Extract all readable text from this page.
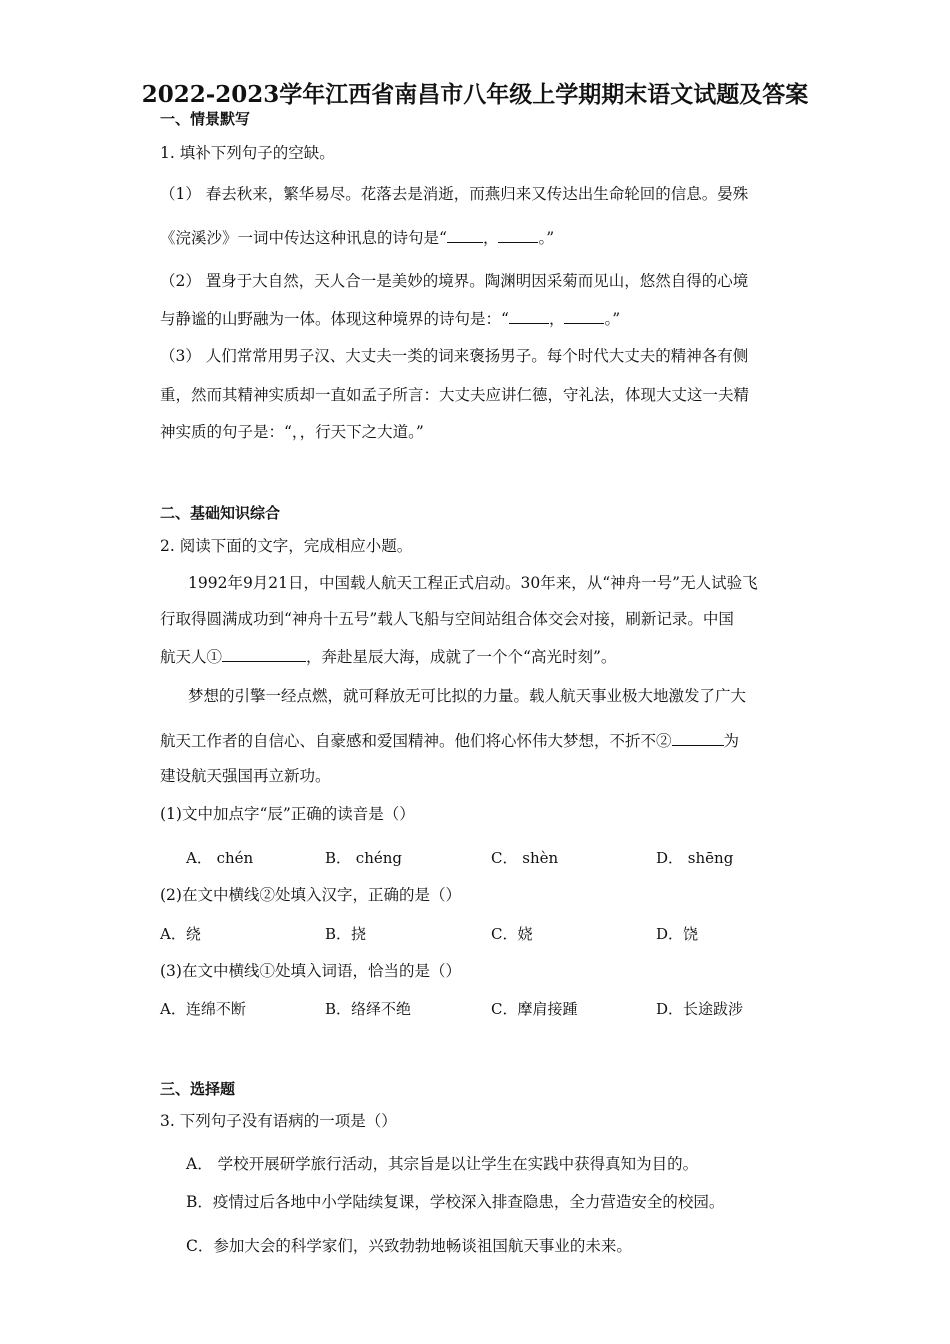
2022-2023学年江西省南昌市八年级上学期期末语文试题及答案
一、情景默写
1. 填补下列句子的空缺。
（1） 春去秋来，繁华易尽。花落去是消逝，而燕归来又传达出生命轮回的信息。晏殊
《浣溪沙》一词中传达这种讯息的诗句是“ ，	。”
（2） 置身于大自然，天人合一是美妙的境界。陶渊明因采菊而见山，悠然自得的心境
与静谧的山野融为一体。体现这种境界的诗句是：“	，	。”
（3） 人们常常用男子汉、大丈夫一类的词来褒扬男子。每个时代大丈夫的精神各有侧
重，然而其精神实质却一直如孟子所言：大丈夫应讲仁德，守礼法，体现大丈这一夫精
神实质的句子是：“，，行天下之大道。”
二、基础知识综合
2. 阅读下面的文字，完成相应小题。
1992年9月21日，中国载人航天工程正式启动。30年来，从“神舟一号”无人试验飞
行取得圆满成功到“神舟十五号”载人飞船与空间站组合体交会对接，刷新记录。中国
航天人①	，奔赴星辰大海，成就了一个个“高光时刻”。
梦想的引擎一经点燃，就可释放无可比拟的力量。载人航天事业极大地激发了广大
航天工作者的自信心、自豪感和爱国精神。他们将心怀伟大梦想，不折不②	为
建设航天强国再立新功。
(1)文中加点字“辰”正确的读音是（）
A． chén	B． chéng	C． shèn	D． shēng
(2)在文中横线②处填入汉字，正确的是（）
A．绕	B．挠	C．娆	D．饶
(3)在文中横线①处填入词语，恰当的是（）
A．连绵不断	B．络绎不绝	C．摩肩接踵	D．长途跋涉
三、选择题
3. 下列句子没有语病的一项是（）
A． 学校开展研学旅行活动，其宗旨是以让学生在实践中获得真知为目的。
B．疫情过后各地中小学陆续复课，学校深入排查隐患，全力营造安全的校园。
C．参加大会的科学家们，兴致勃勃地畅谈祖国航天事业的未来。
